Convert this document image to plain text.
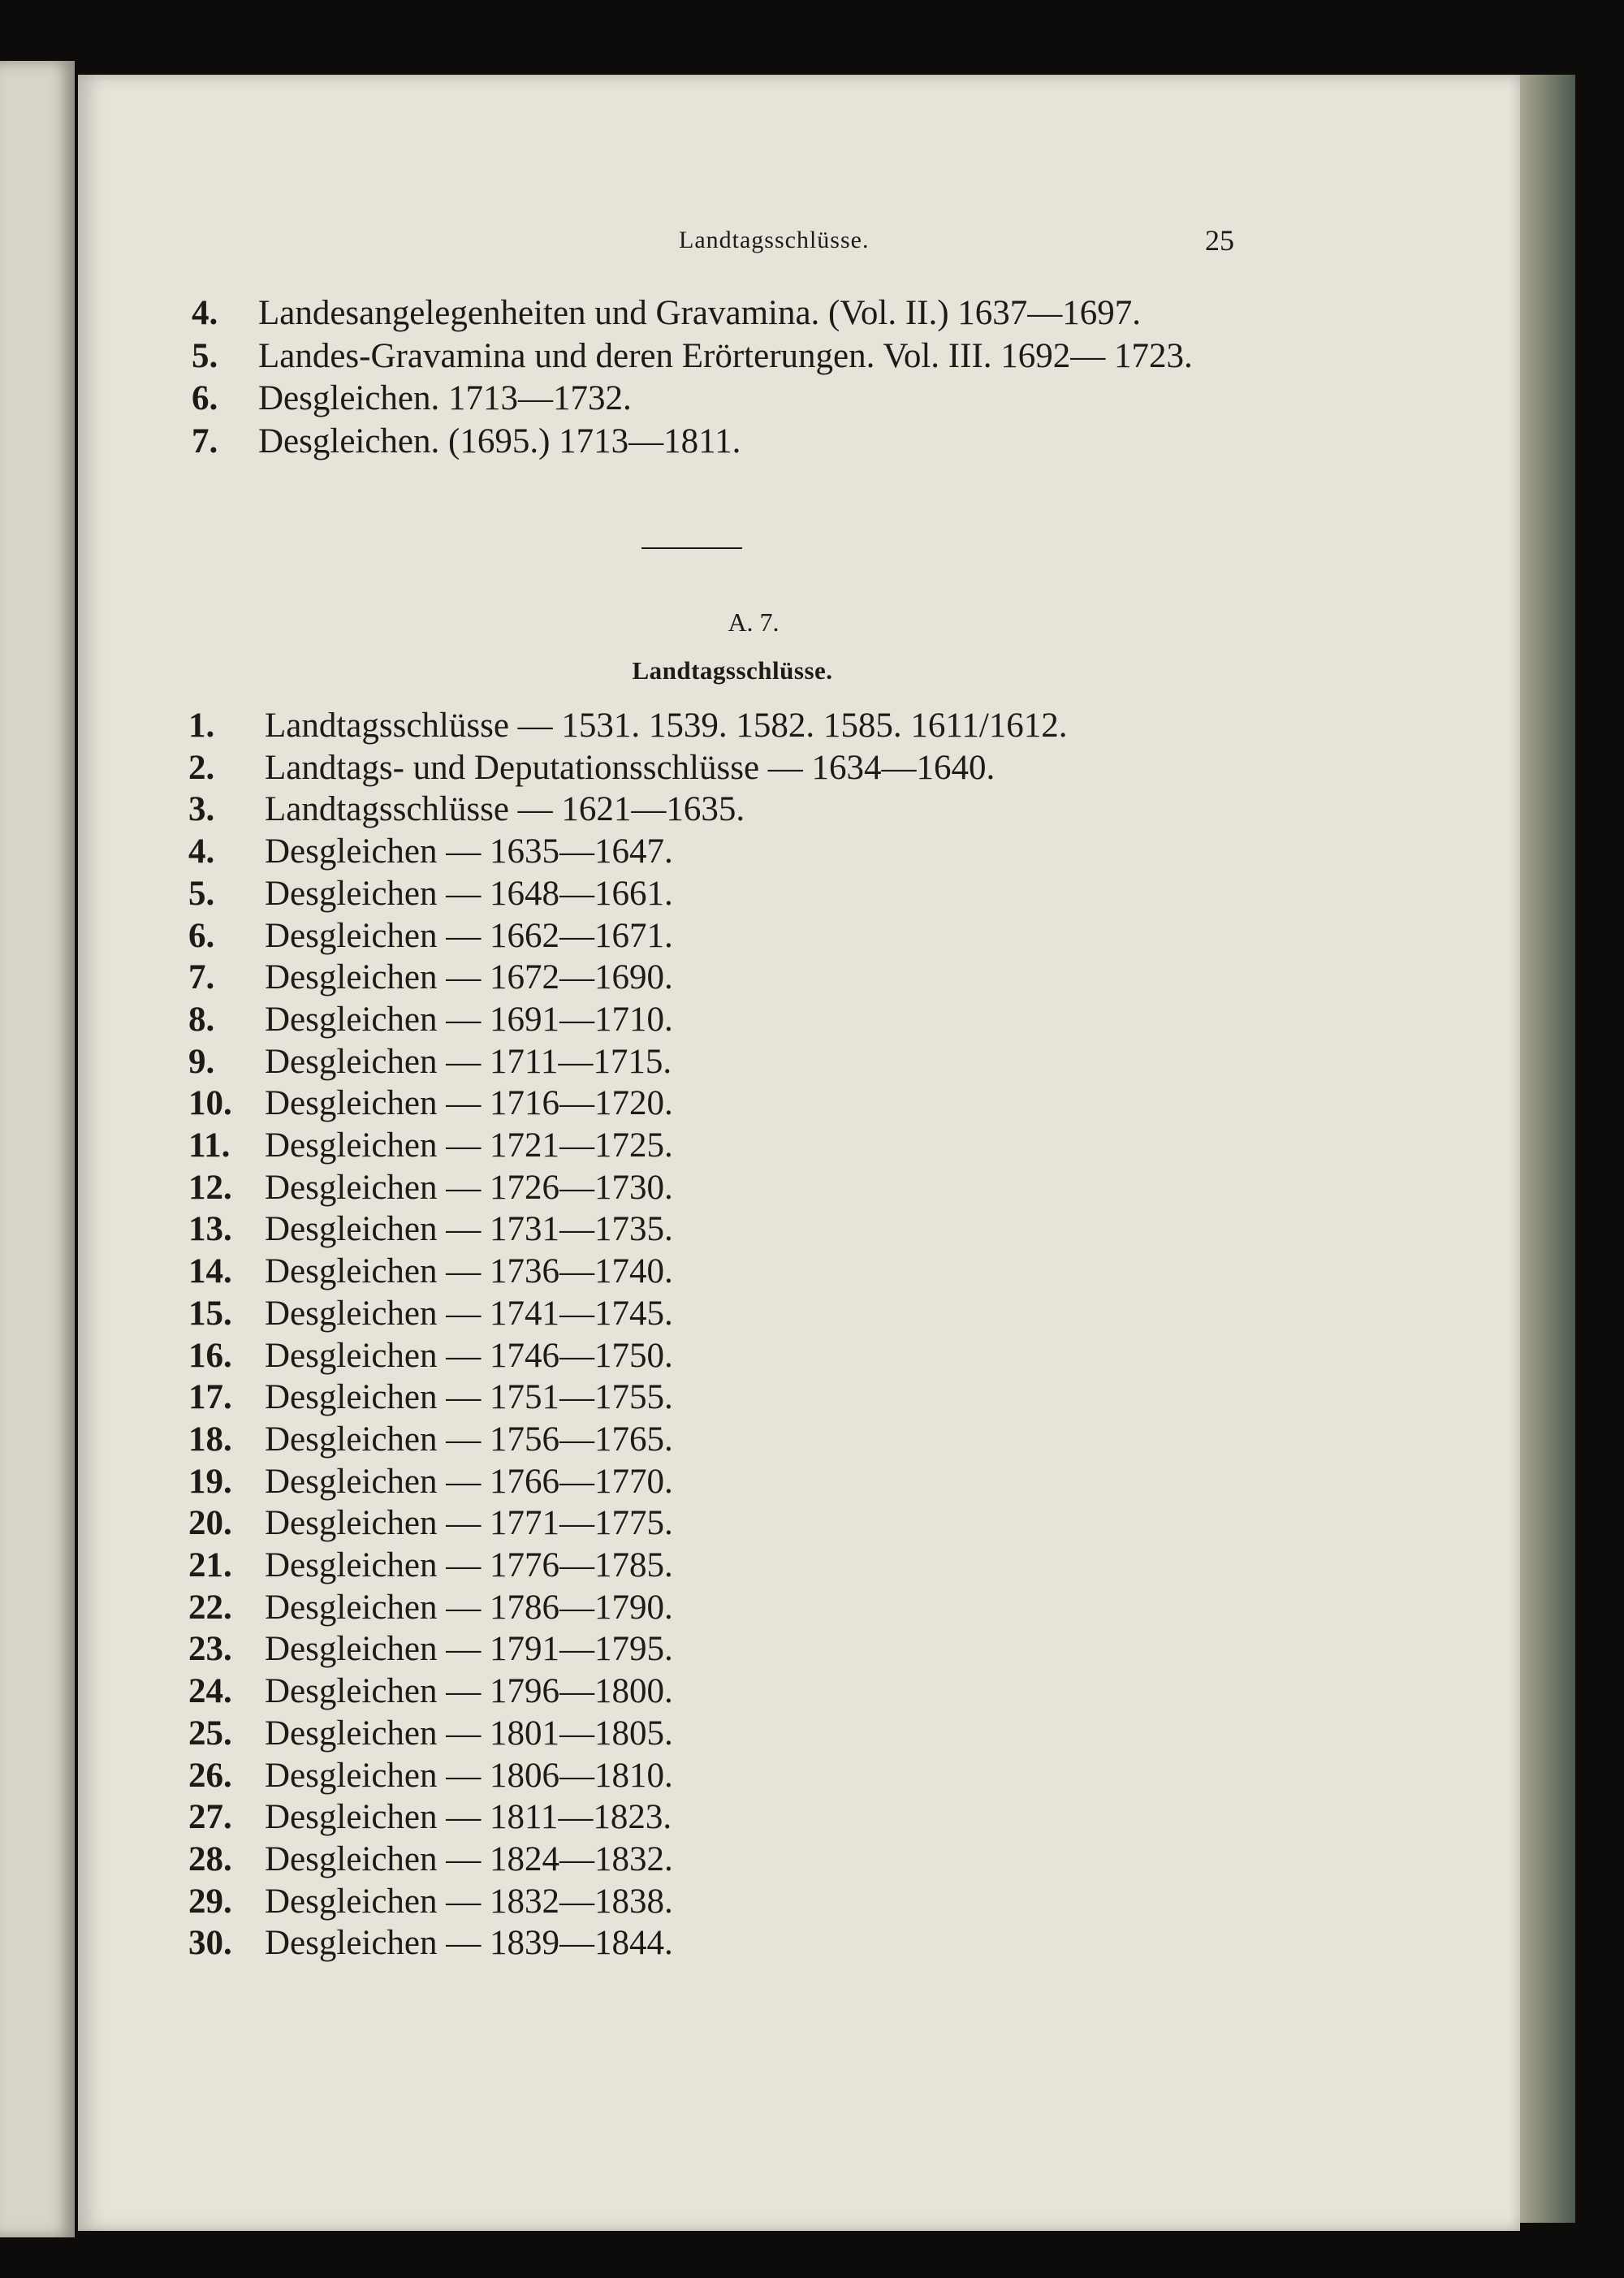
Landtagsschlüsse.	25
4. Landesangelegenheiten und Gravamina. (Vol. II.) 1637—1697.
5. Landes-Gravamina und deren Erörterungen. Vol. III. 1692— 1723.
6. Desgleichen. 1713—1732.
7. Desgleichen. (1695.) 1713—1811.
A. 7.
Landtagsschlüsse.
1. Landtagsschlüsse — 1531. 1539. 1582. 1585. 1611/1612.
2. Landtags- und Deputationsschlüsse — 1634—1640.
3. Landtagsschlüsse — 1621—1635.
4. Desgleichen — 1635—1647.
5. Desgleichen — 1648—1661.
6. Desgleichen — 1662—1671.
7. Desgleichen — 1672—1690.
8. Desgleichen — 1691—1710.
9. Desgleichen — 1711—1715.
10. Desgleichen — 1716—1720.
11. Desgleichen — 1721—1725.
12. Desgleichen — 1726—1730.
13. Desgleichen — 1731—1735.
14. Desgleichen — 1736—1740.
15. Desgleichen — 1741—1745.
16. Desgleichen — 1746—1750.
17. Desgleichen — 1751—1755.
18. Desgleichen — 1756—1765.
19. Desgleichen — 1766—1770.
20. Desgleichen — 1771—1775.
21. Desgleichen — 1776—1785.
22. Desgleichen — 1786—1790.
23. Desgleichen — 1791—1795.
24. Desgleichen — 1796—1800.
25. Desgleichen — 1801—1805.
26. Desgleichen — 1806—1810.
27. Desgleichen — 1811—1823.
28. Desgleichen — 1824—1832.
29. Desgleichen — 1832—1838.
30. Desgleichen — 1839—1844.
